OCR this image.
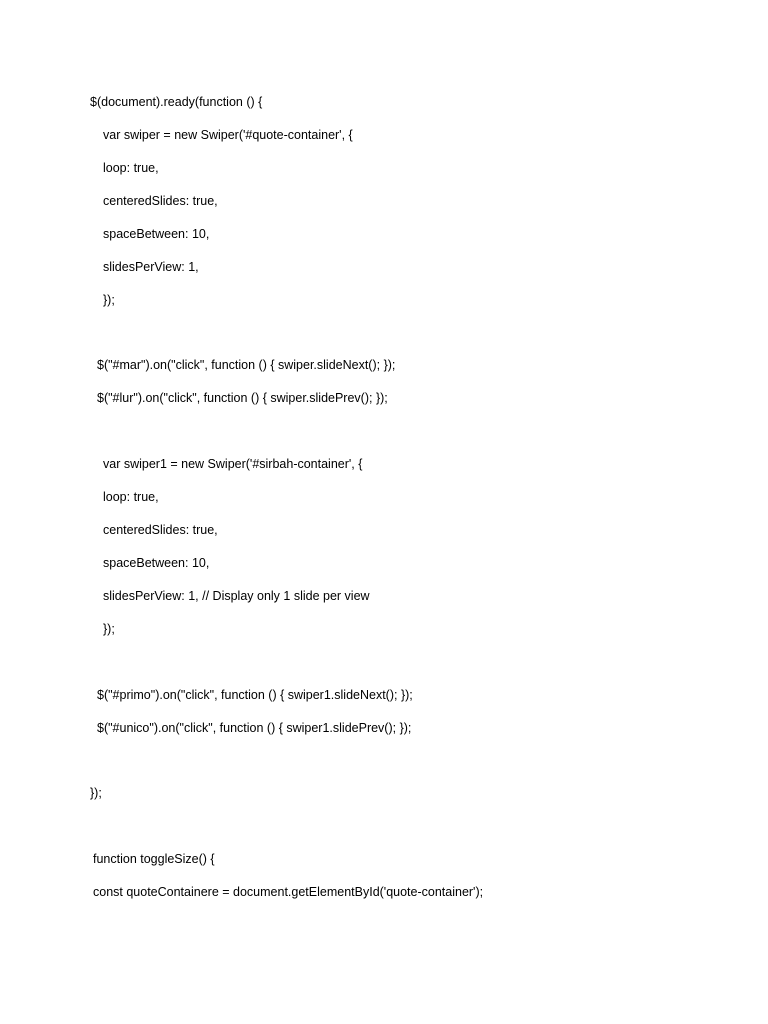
$(document).ready(function () {
var swiper = new Swiper('#quote-container', {
loop: true,
centeredSlides: true,
spaceBetween: 10,
slidesPerView: 1,
});
$("#mar").on("click", function () { swiper.slideNext(); });
$("#lur").on("click", function () { swiper.slidePrev(); });
var swiper1 = new Swiper('#sirbah-container', {
loop: true,
centeredSlides: true,
spaceBetween: 10,
slidesPerView: 1, // Display only 1 slide per view
});
$("#primo").on("click", function () { swiper1.slideNext(); });
$("#unico").on("click", function () { swiper1.slidePrev(); });
});
function toggleSize() {
const quoteContainere = document.getElementById('quote-container');
